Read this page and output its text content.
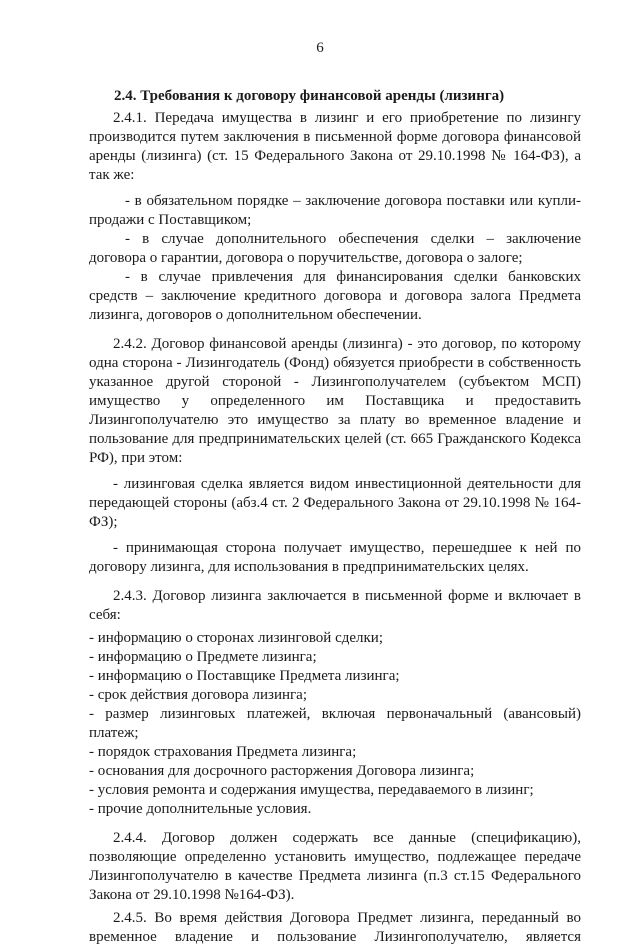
6
2.4. Требования к договору финансовой аренды (лизинга)

2.4.1. Передача имущества в лизинг и его приобретение по лизингу производится путем заключения в письменной форме договора финансовой аренды (лизинга) (ст. 15 Федерального Закона от 29.10.1998 № 164-ФЗ), а так же:

- в обязательном порядке – заключение договора поставки или купли-продажи с Поставщиком;

- в случае дополнительного обеспечения сделки – заключение договора о гарантии, договора о поручительстве, договора о залоге;

- в случае привлечения для финансирования сделки банковских средств – заключение кредитного договора и договора залога Предмета лизинга, договоров о дополнительном обеспечении.

2.4.2. Договор финансовой аренды (лизинга) - это договор, по которому одна сторона - Лизингодатель (Фонд) обязуется приобрести в собственность указанное другой стороной - Лизингополучателем (субъектом МСП) имущество у определенного им Поставщика и предоставить Лизингополучателю это имущество за плату во временное владение и пользование для предпринимательских целей (ст. 665 Гражданского Кодекса РФ), при этом:

- лизинговая сделка является видом инвестиционной деятельности для передающей стороны (абз.4 ст. 2 Федерального Закона от 29.10.1998 № 164-ФЗ);

- принимающая сторона получает имущество, перешедшее к ней по договору лизинга, для использования в предпринимательских целях.

2.4.3. Договор лизинга заключается в письменной форме и включает в себя:

- информацию о сторонах лизинговой сделки;

- информацию о Предмете лизинга;

- информацию о Поставщике Предмета лизинга;

- срок действия договора лизинга;

- размер лизинговых платежей, включая первоначальный (авансовый) платеж;

- порядок страхования Предмета лизинга;

- основания для досрочного расторжения Договора лизинга;

- условия ремонта и содержания имущества, передаваемого в лизинг;

- прочие дополнительные условия.

2.4.4. Договор должен содержать все данные (спецификацию), позволяющие определенно установить имущество, подлежащее передаче Лизингополучателю в качестве Предмета лизинга (п.3 ст.15 Федерального Закона от 29.10.1998 №164-ФЗ).

2.4.5. Во время действия Договора Предмет лизинга, переданный во временное владение и пользование Лизингополучателю, является
